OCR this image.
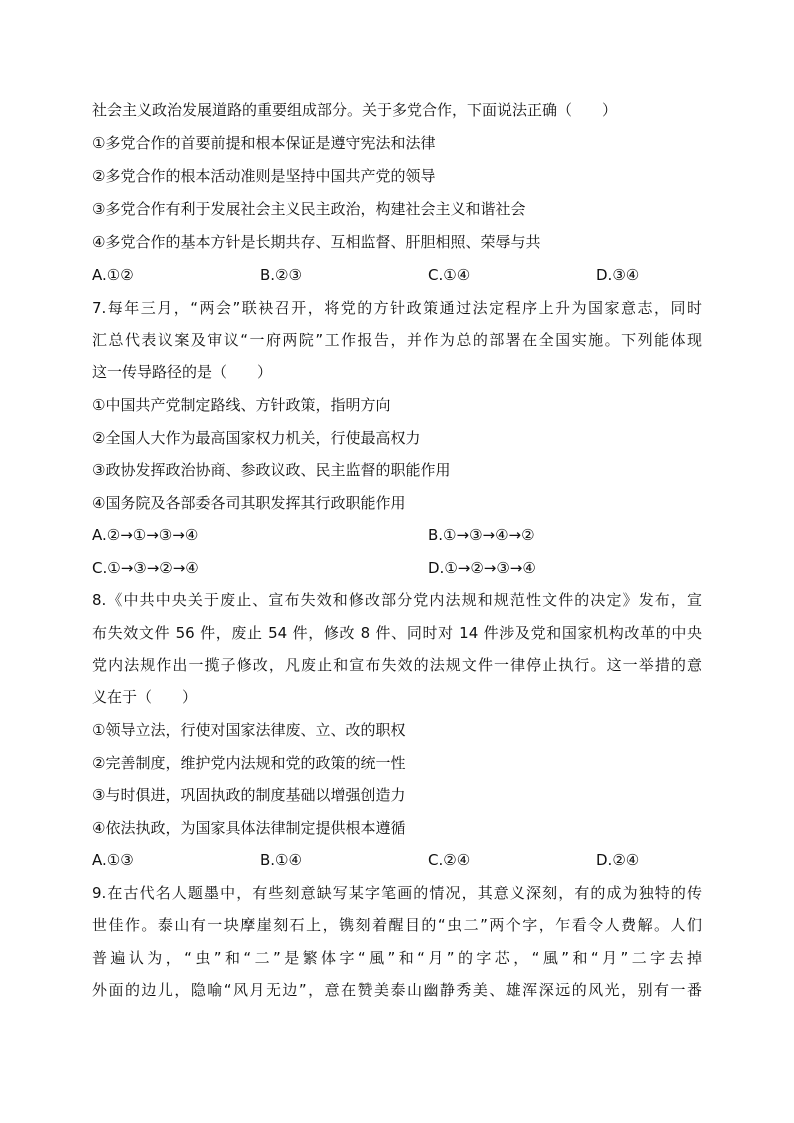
社会主义政治发展道路的重要组成部分。关于多党合作，下面说法正确（　　）
①多党合作的首要前提和根本保证是遵守宪法和法律
②多党合作的根本活动准则是坚持中国共产党的领导
③多党合作有利于发展社会主义民主政治，构建社会主义和谐社会
④多党合作的基本方针是长期共存、互相监督、肝胆相照、荣辱与共
A.①②	B.②③	C.①④	D.③④
7.每年三月，“两会”联袂召开，将党的方针政策通过法定程序上升为国家意志，同时
汇总代表议案及审议“一府两院”工作报告，并作为总的部署在全国实施。下列能体现
这一传导路径的是（　　）
①中国共产党制定路线、方针政策，指明方向
②全国人大作为最高国家权力机关，行使最高权力
③政协发挥政治协商、参政议政、民主监督的职能作用
④国务院及各部委各司其职发挥其行政职能作用
A.②→①→③→④	B.①→③→④→②
C.①→③→②→④	D.①→②→③→④
8.《中共中央关于废止、宣布失效和修改部分党内法规和规范性文件的决定》发布，宣
布失效文件 56 件，废止 54 件，修改 8 件、同时对 14 件涉及党和国家机构改革的中央
党内法规作出一揽子修改，凡废止和宣布失效的法规文件一律停止执行。这一举措的意
义在于（　　）
①领导立法，行使对国家法律废、立、改的职权
②完善制度，维护党内法规和党的政策的统一性
③与时俱进，巩固执政的制度基础以增强创造力
④依法执政，为国家具体法律制定提供根本遵循
A.①③	B.①④	C.②④	D.②④
9.在古代名人题墨中，有些刻意缺写某字笔画的情况，其意义深刻，有的成为独特的传
世佳作。泰山有一块摩崖刻石上，镌刻着醒目的“虫二”两个字，乍看令人费解。人们
普遍认为，“虫”和“二”是繁体字“風”和“月”的字芯，“風”和“月”二字去掉
外面的边儿，隐喻“风月无边”，意在赞美泰山幽静秀美、雄浑深远的风光，别有一番
